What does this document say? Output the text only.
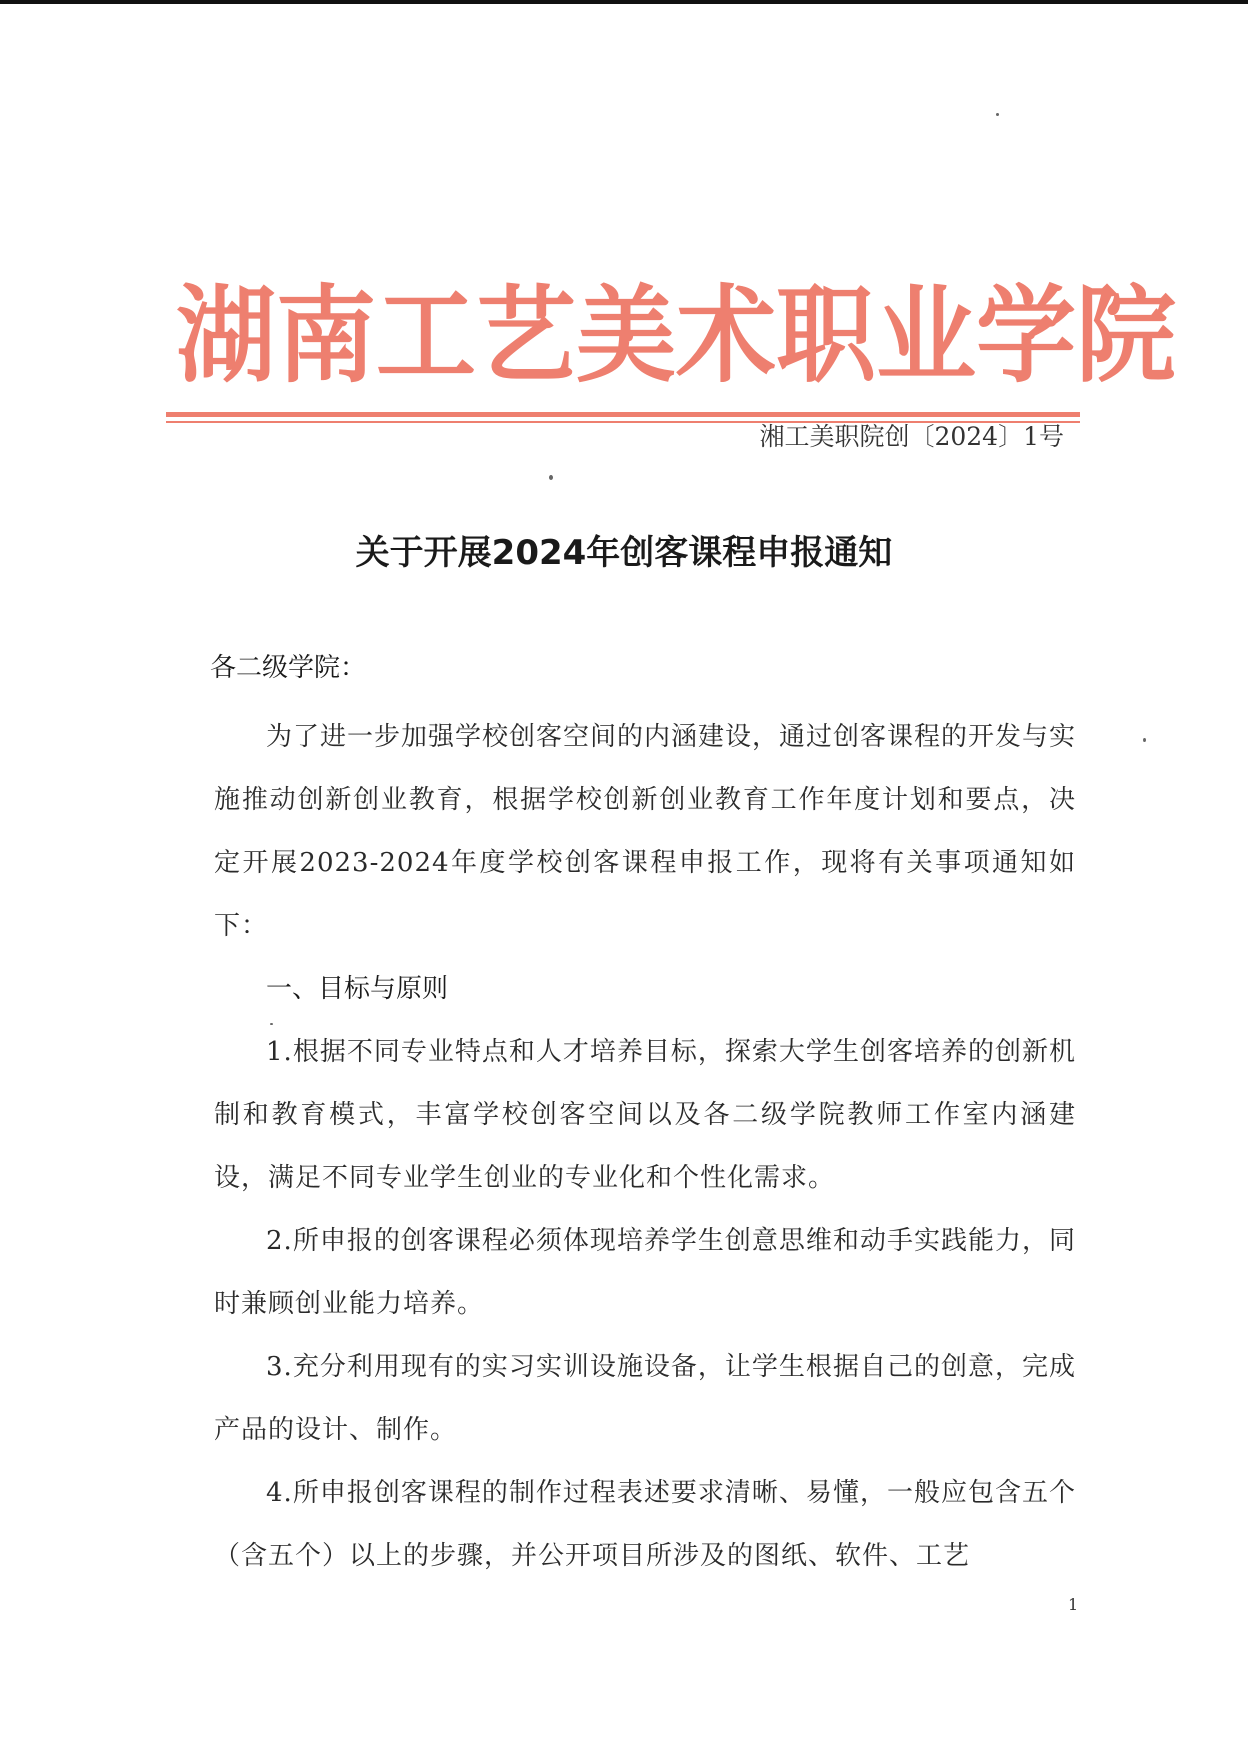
湖南工艺美术职业学院
湘工美职院创〔2024〕1号
关于开展2024年创客课程申报通知
各二级学院：

为了进一步加强学校创客空间的内涵建设，通过创客课程的开发与实施推动创新创业教育，根据学校创新创业教育工作年度计划和要点，决定开展2023-2024年度学校创客课程申报工作，现将有关事项通知如下：

一、目标与原则

1.根据不同专业特点和人才培养目标，探索大学生创客培养的创新机制和教育模式，丰富学校创客空间以及各二级学院教师工作室内涵建设，满足不同专业学生创业的专业化和个性化需求。

2.所申报的创客课程必须体现培养学生创意思维和动手实践能力，同时兼顾创业能力培养。

3.充分利用现有的实习实训设施设备，让学生根据自己的创意，完成产品的设计、制作。

4.所申报创客课程的制作过程表述要求清晰、易懂，一般应包含五个（含五个）以上的步骤，并公开项目所涉及的图纸、软件、工艺

1
